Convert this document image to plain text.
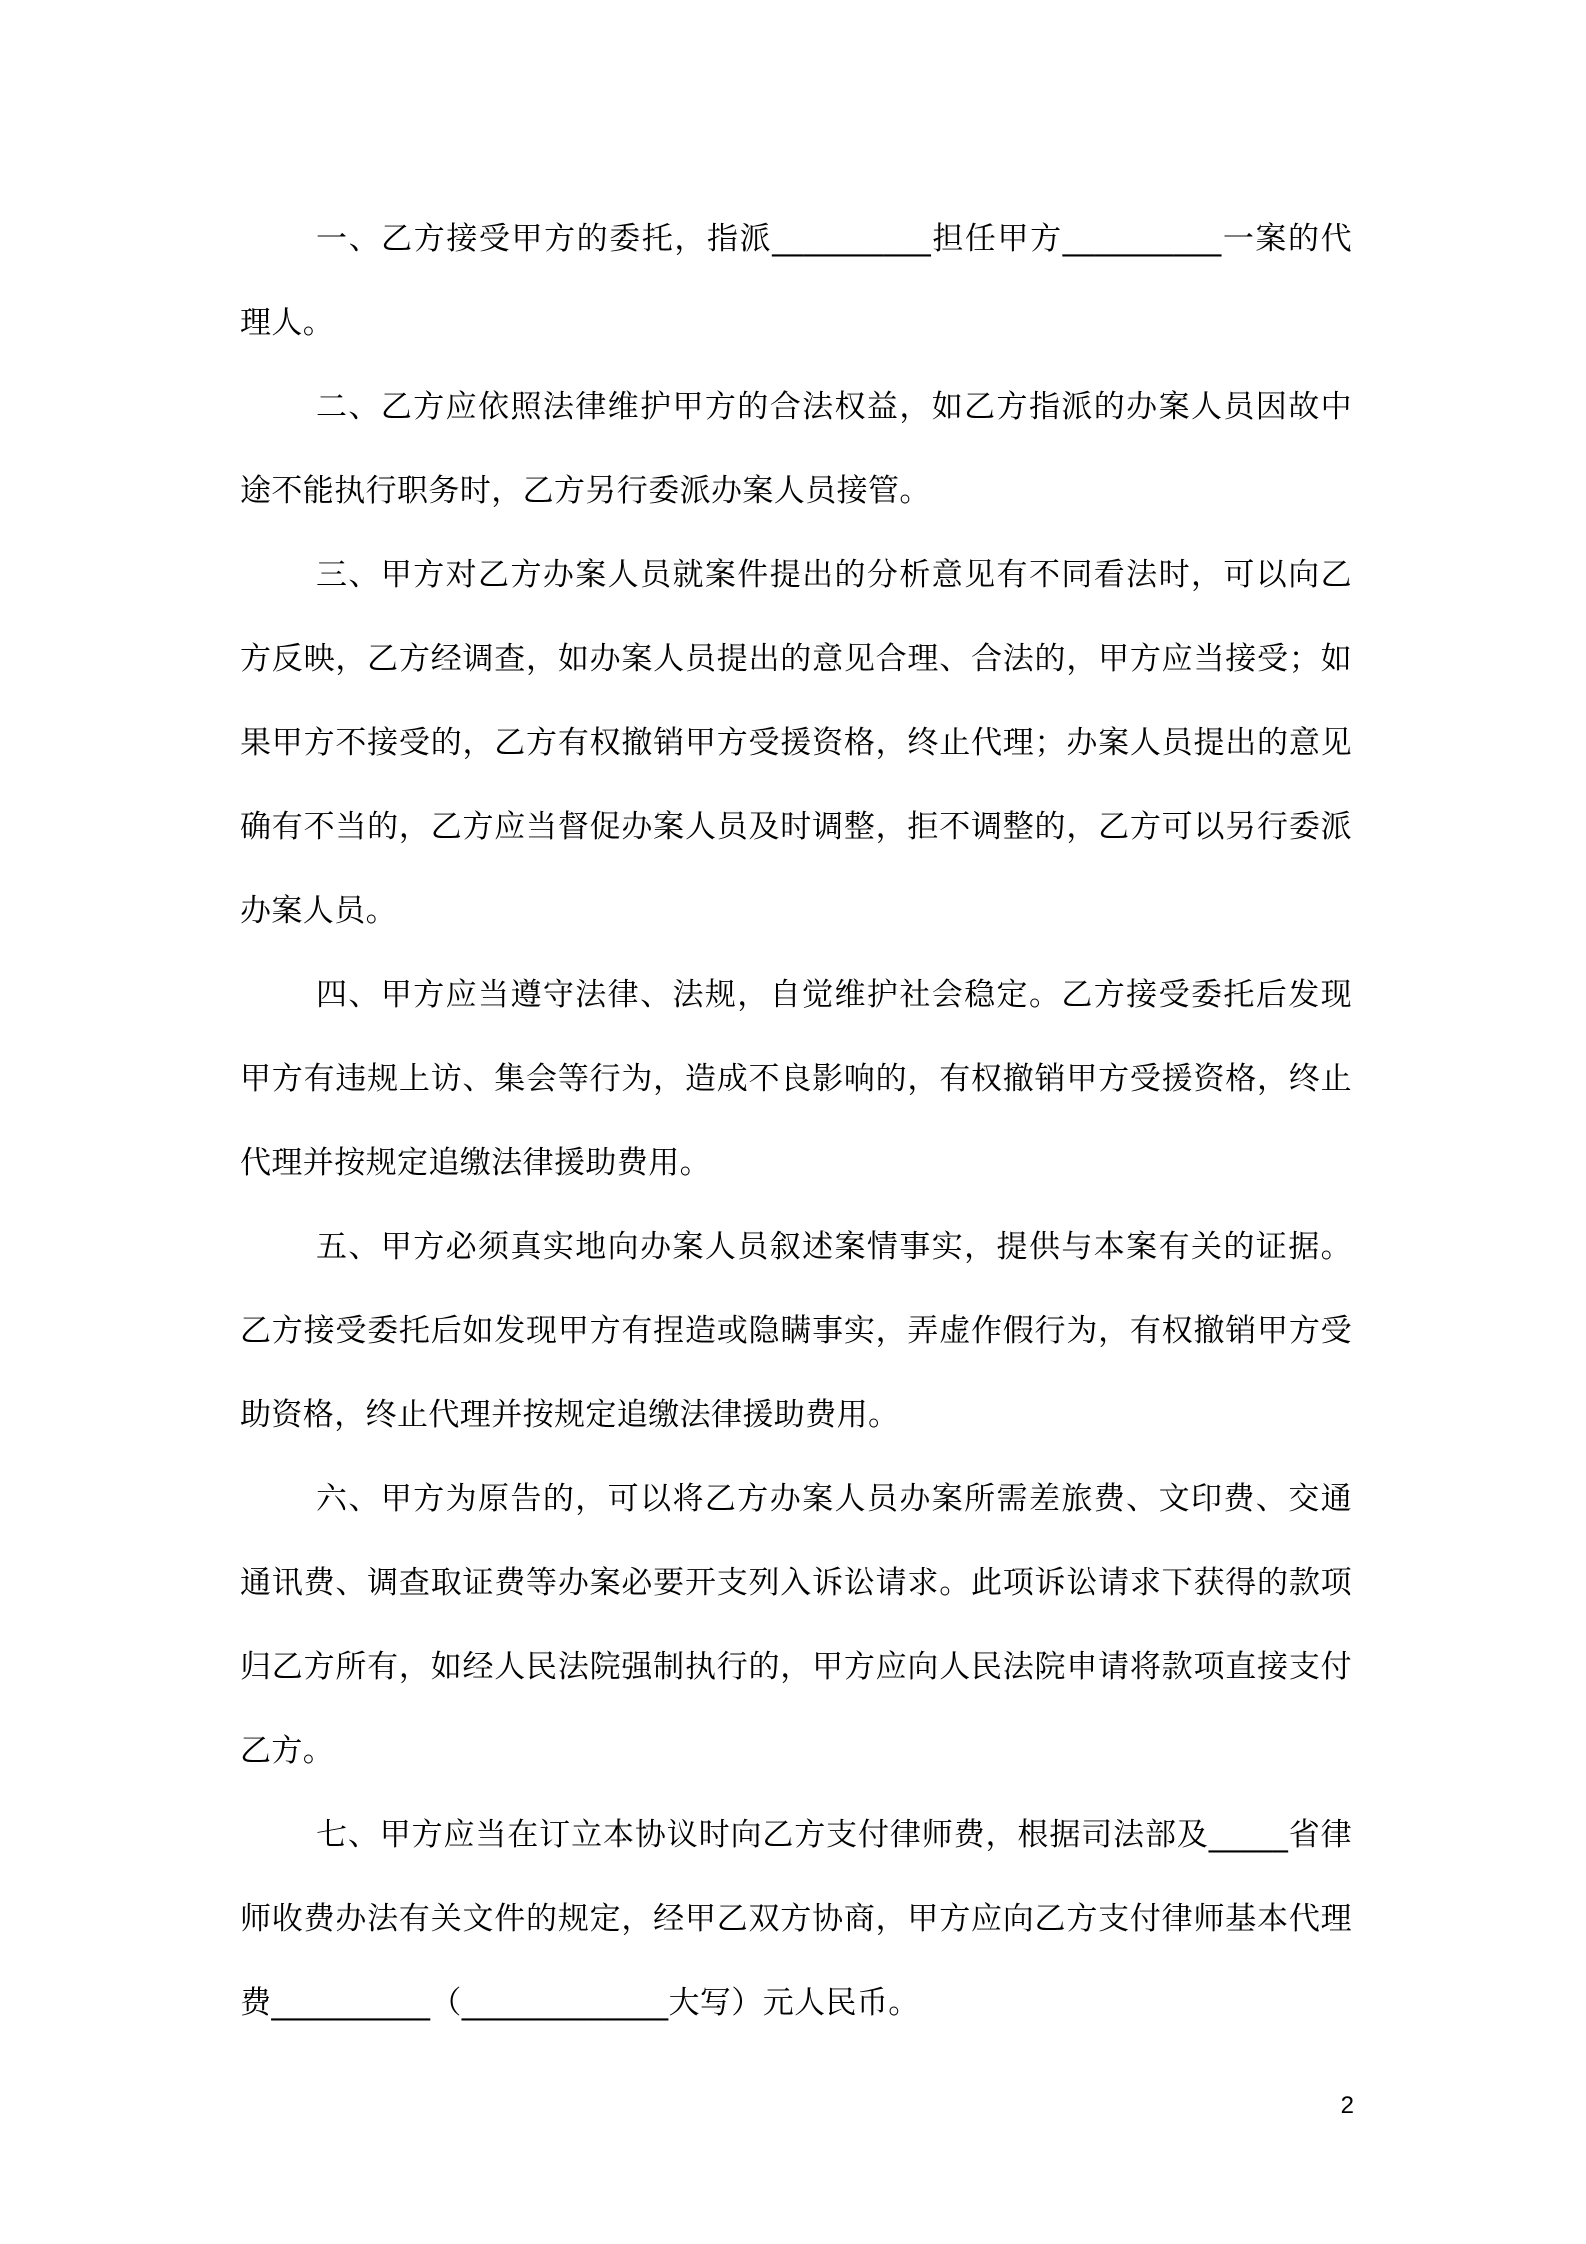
一、乙方接受甲方的委托，指派__________担任甲方__________一案的代理人。

二、乙方应依照法律维护甲方的合法权益，如乙方指派的办案人员因故中途不能执行职务时，乙方另行委派办案人员接管。

三、甲方对乙方办案人员就案件提出的分析意见有不同看法时，可以向乙方反映，乙方经调查，如办案人员提出的意见合理、合法的，甲方应当接受；如果甲方不接受的，乙方有权撤销甲方受援资格，终止代理；办案人员提出的意见确有不当的，乙方应当督促办案人员及时调整，拒不调整的，乙方可以另行委派办案人员。

四、甲方应当遵守法律、法规，自觉维护社会稳定。乙方接受委托后发现甲方有违规上访、集会等行为，造成不良影响的，有权撤销甲方受援资格，终止代理并按规定追缴法律援助费用。

五、甲方必须真实地向办案人员叙述案情事实，提供与本案有关的证据。乙方接受委托后如发现甲方有捏造或隐瞒事实，弄虚作假行为，有权撤销甲方受助资格，终止代理并按规定追缴法律援助费用。

六、甲方为原告的，可以将乙方办案人员办案所需差旅费、文印费、交通通讯费、调查取证费等办案必要开支列入诉讼请求。此项诉讼请求下获得的款项归乙方所有，如经人民法院强制执行的，甲方应向人民法院申请将款项直接支付乙方。

七、甲方应当在订立本协议时向乙方支付律师费，根据司法部及_____省律师收费办法有关文件的规定，经甲乙双方协商，甲方应向乙方支付律师基本代理费__________（_____________大写）元人民币。

2
